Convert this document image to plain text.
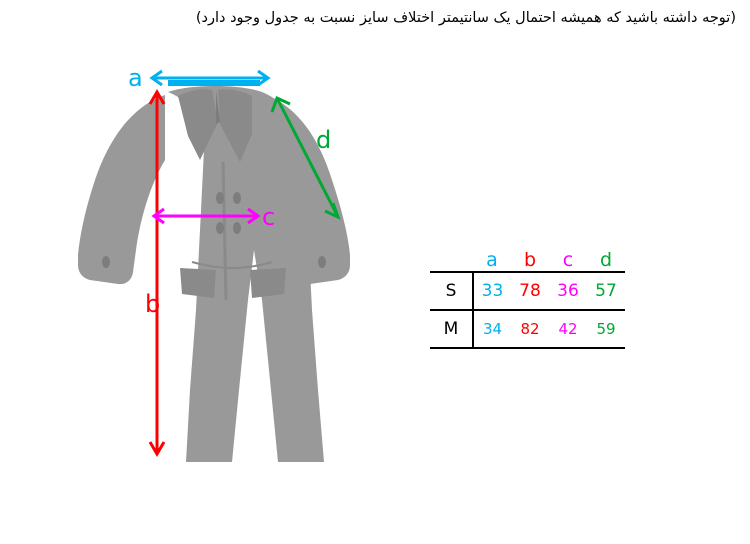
(توجه داشته باشید که همیشه احتمال یک سانتیمتر اختلاف سایز نسبت به جدول وجود دارد)
a
b
c
d
	a	b	c	d
S	33	78	36	57
M	34	82	42	59
